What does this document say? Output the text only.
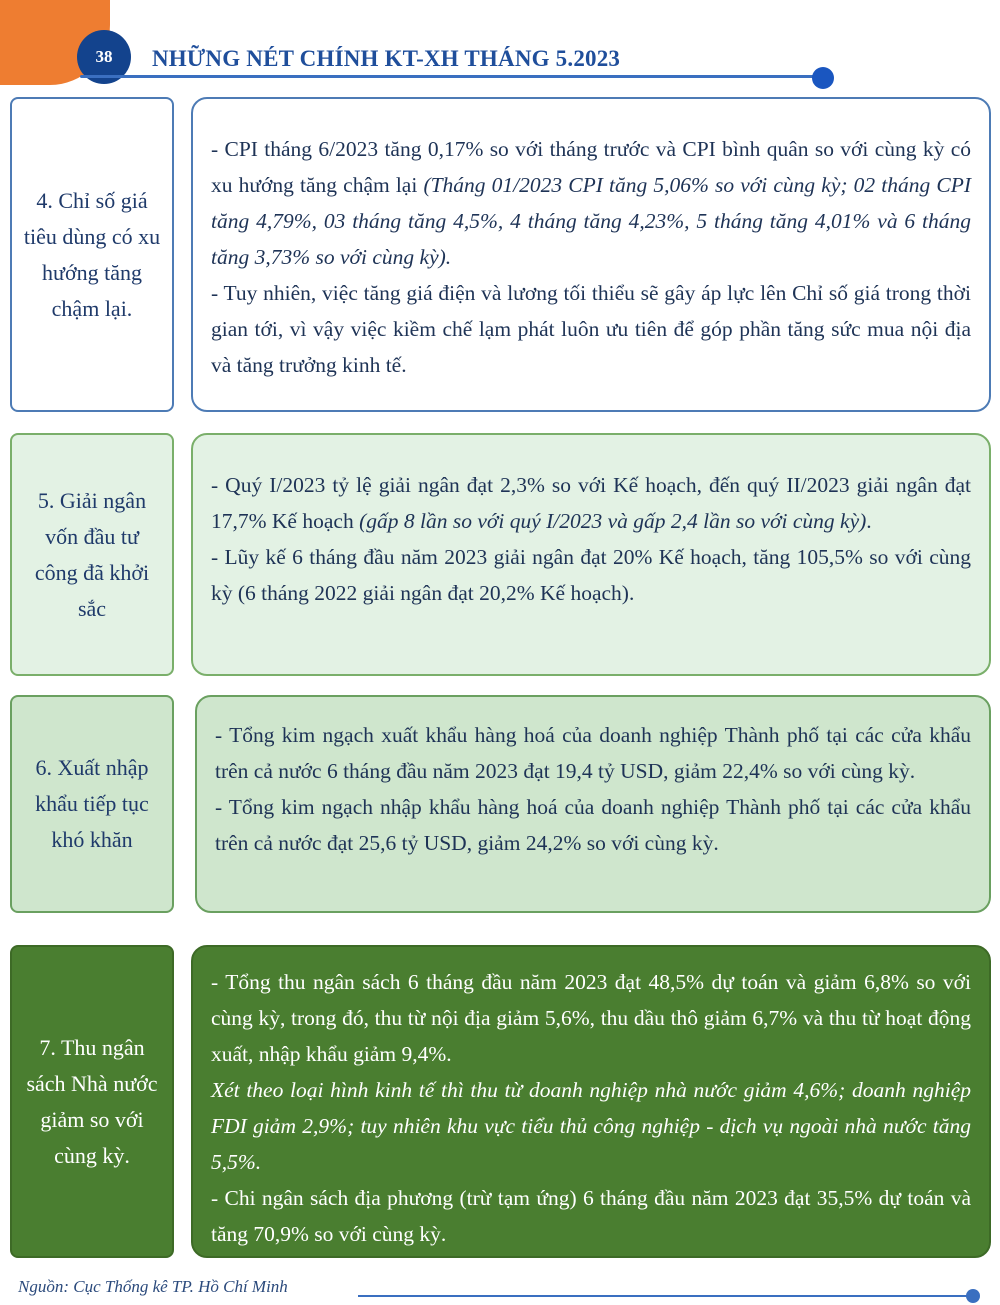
38	NHỮNG NÉT CHÍNH KT-XH THÁNG 5.2023
4. Chỉ số giá tiêu dùng có xu hướng tăng chậm lại.

- CPI tháng 6/2023 tăng 0,17% so với tháng trước và CPI bình quân so với cùng kỳ có xu hướng tăng chậm lại (Tháng 01/2023 CPI tăng 5,06% so với cùng kỳ; 02 tháng CPI tăng 4,79%, 03 tháng tăng 4,5%, 4 tháng tăng 4,23%, 5 tháng tăng 4,01% và 6 tháng tăng 3,73% so với cùng kỳ).

- Tuy nhiên, việc tăng giá điện và lương tối thiểu sẽ gây áp lực lên Chỉ số giá trong thời gian tới, vì vậy việc kiềm chế lạm phát luôn ưu tiên để góp phần tăng sức mua nội địa và tăng trưởng kinh tế.

5. Giải ngân vốn đầu tư công đã khởi sắc

- Quý I/2023 tỷ lệ giải ngân đạt 2,3% so với Kế hoạch, đến quý II/2023 giải ngân đạt 17,7% Kế hoạch (gấp 8 lần so với quý I/2023 và gấp 2,4 lần so với cùng kỳ).

- Lũy kế 6 tháng đầu năm 2023 giải ngân đạt 20% Kế hoạch, tăng 105,5% so với cùng kỳ (6 tháng 2022 giải ngân đạt 20,2% Kế hoạch).

6. Xuất nhập khẩu tiếp tục khó khăn

- Tổng kim ngạch xuất khẩu hàng hoá của doanh nghiệp Thành phố tại các cửa khẩu trên cả nước 6 tháng đầu năm 2023 đạt 19,4 tỷ USD, giảm 22,4% so với cùng kỳ.

- Tổng kim ngạch nhập khẩu hàng hoá của doanh nghiệp Thành phố tại các cửa khẩu trên cả nước đạt 25,6 tỷ USD, giảm 24,2% so với cùng kỳ.

7. Thu ngân sách Nhà nước giảm so với cùng kỳ.

- Tổng thu ngân sách 6 tháng đầu năm 2023 đạt 48,5% dự toán và giảm 6,8% so với cùng kỳ, trong đó, thu từ nội địa giảm 5,6%, thu dầu thô giảm 6,7% và thu từ hoạt động xuất, nhập khẩu giảm 9,4%.

Xét theo loại hình kinh tế thì thu từ doanh nghiệp nhà nước giảm 4,6%; doanh nghiệp FDI giảm 2,9%; tuy nhiên khu vực tiểu thủ công nghiệp - dịch vụ ngoài nhà nước tăng 5,5%.

- Chi ngân sách địa phương (trừ tạm ứng) 6 tháng đầu năm 2023 đạt 35,5% dự toán và tăng 70,9% so với cùng kỳ.

Nguồn: Cục Thống kê TP. Hồ Chí Minh
